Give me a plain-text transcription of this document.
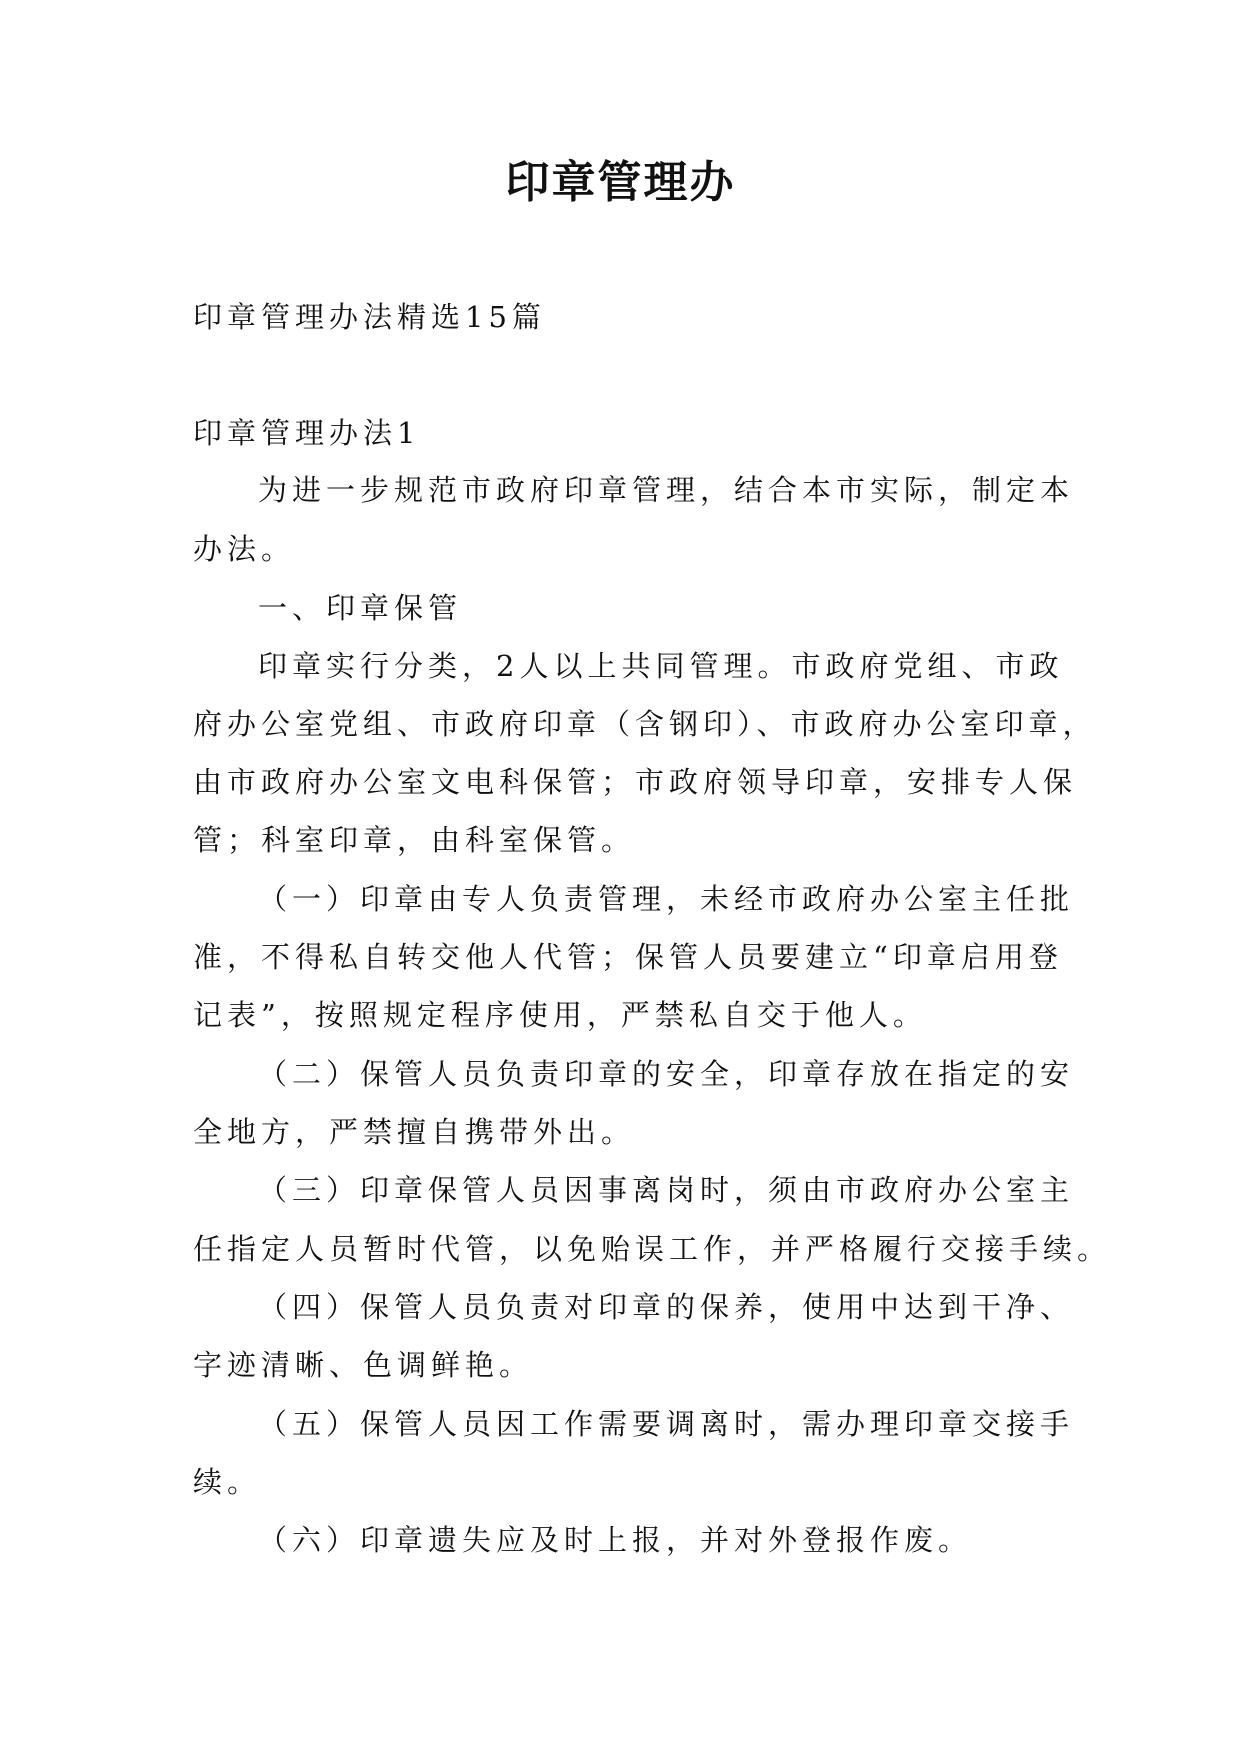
印章管理办

印章管理办法精选15篇

印章管理办法1

为进一步规范市政府印章管理，结合本市实际，制定本

办法。

一、印章保管

印章实行分类，2人以上共同管理。市政府党组、市政

府办公室党组、市政府印章（含钢印）、市政府办公室印章，

由市政府办公室文电科保管；市政府领导印章，安排专人保

管；科室印章，由科室保管。

（一）印章由专人负责管理，未经市政府办公室主任批

准，不得私自转交他人代管；保管人员要建立“印章启用登

记表”，按照规定程序使用，严禁私自交于他人。

（二）保管人员负责印章的安全，印章存放在指定的安

全地方，严禁擅自携带外出。

（三）印章保管人员因事离岗时，须由市政府办公室主

任指定人员暂时代管，以免贻误工作，并严格履行交接手续。

（四）保管人员负责对印章的保养，使用中达到干净、

字迹清晰、色调鲜艳。

（五）保管人员因工作需要调离时，需办理印章交接手

续。

（六）印章遗失应及时上报，并对外登报作废。
